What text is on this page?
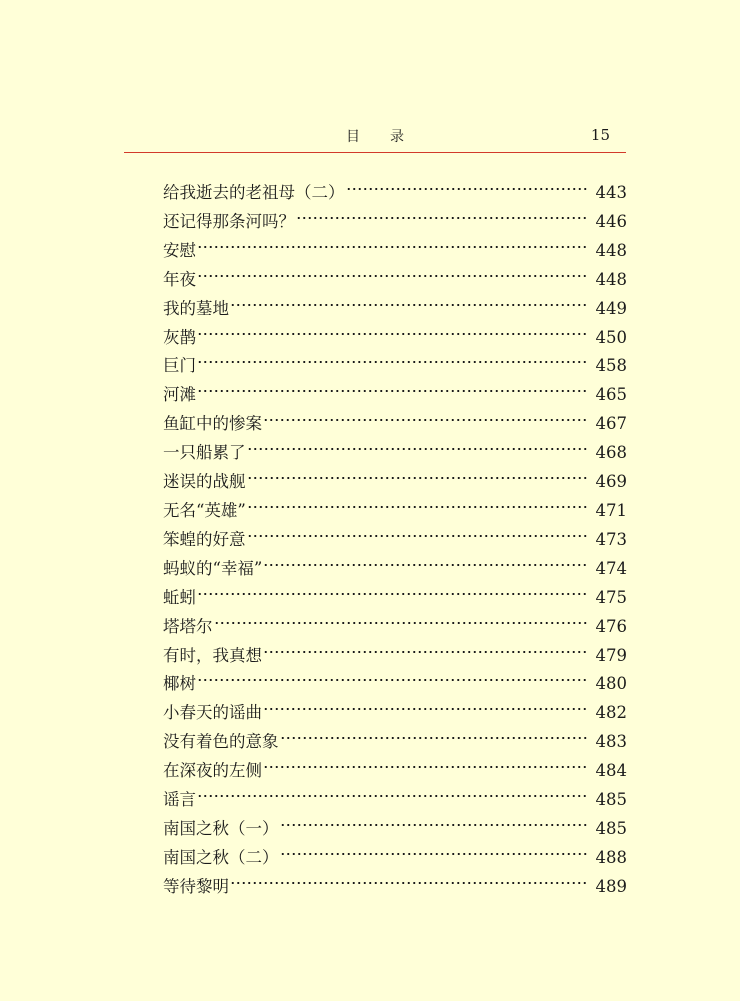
目录	15
给我逝去的老祖母（二）	443
还记得那条河吗？	446
安慰	448
年夜	448
我的墓地	449
灰鹊	450
巨门	458
河滩	465
鱼缸中的惨案	467
一只船累了	468
迷误的战舰	469
无名“英雄”	471
笨蝗的好意	473
蚂蚁的“幸福”	474
蚯蚓	475
塔塔尔	476
有时，我真想	479
椰树	480
小春天的谣曲	482
没有着色的意象	483
在深夜的左侧	484
谣言	485
南国之秋（一）	485
南国之秋（二）	488
等待黎明	489
